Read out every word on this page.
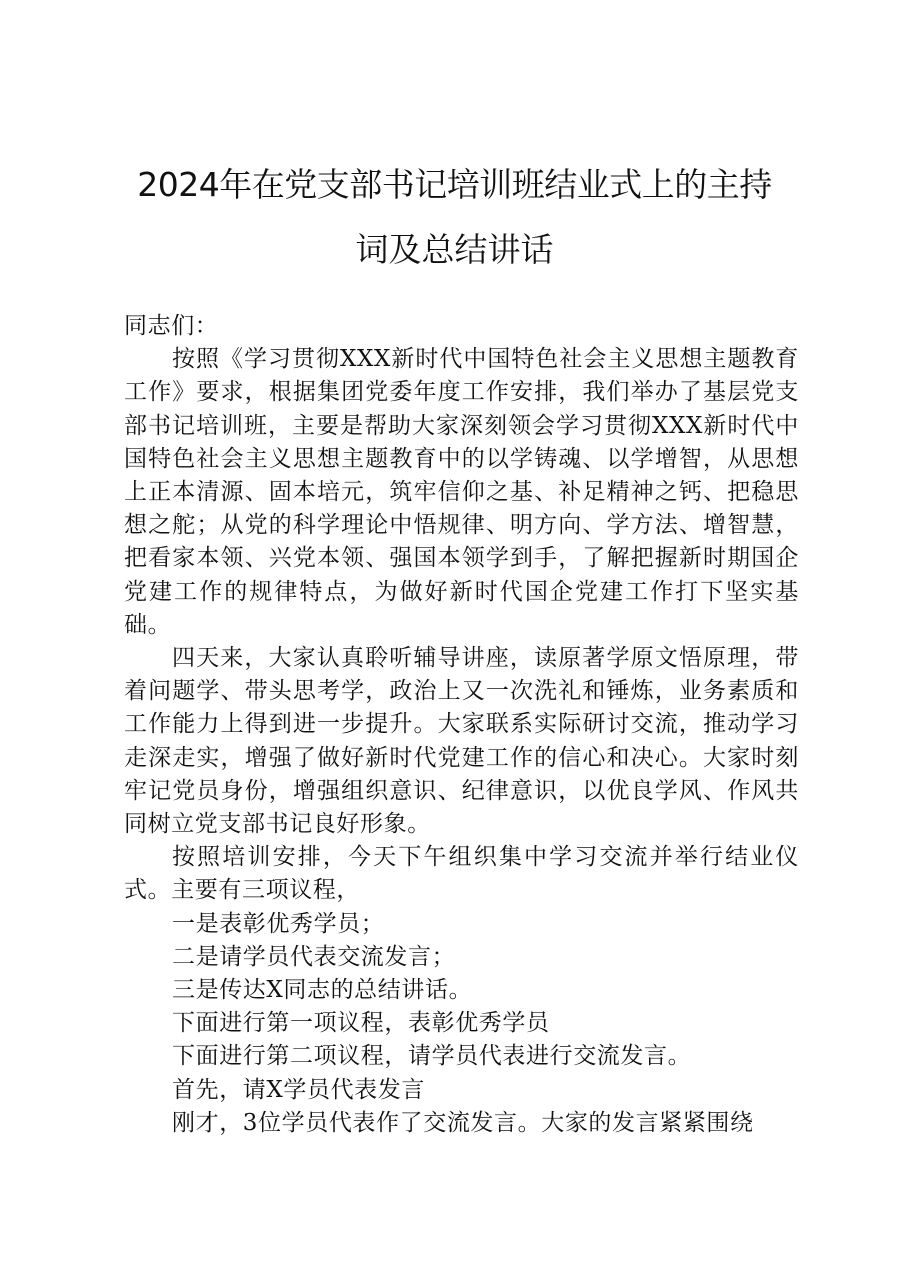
2024年在党支部书记培训班结业式上的主持
词及总结讲话

同志们：

按照《学习贯彻XXX新时代中国特色社会主义思想主题教育工作》要求，根据集团党委年度工作安排，我们举办了基层党支部书记培训班，主要是帮助大家深刻领会学习贯彻XXX新时代中国特色社会主义思想主题教育中的以学铸魂、以学增智，从思想上正本清源、固本培元，筑牢信仰之基、补足精神之钙、把稳思想之舵；从党的科学理论中悟规律、明方向、学方法、增智慧，把看家本领、兴党本领、强国本领学到手，了解把握新时期国企党建工作的规律特点，为做好新时代国企党建工作打下坚实基础。

四天来，大家认真聆听辅导讲座，读原著学原文悟原理，带着问题学、带头思考学，政治上又一次洗礼和锤炼，业务素质和工作能力上得到进一步提升。大家联系实际研讨交流，推动学习走深走实，增强了做好新时代党建工作的信心和决心。大家时刻牢记党员身份，增强组织意识、纪律意识，以优良学风、作风共同树立党支部书记良好形象。

按照培训安排，今天下午组织集中学习交流并举行结业仪式。主要有三项议程，

一是表彰优秀学员；

二是请学员代表交流发言；

三是传达X同志的总结讲话。

下面进行第一项议程，表彰优秀学员

下面进行第二项议程，请学员代表进行交流发言。

首先，请X学员代表发言

刚才，3位学员代表作了交流发言。大家的发言紧紧围绕
